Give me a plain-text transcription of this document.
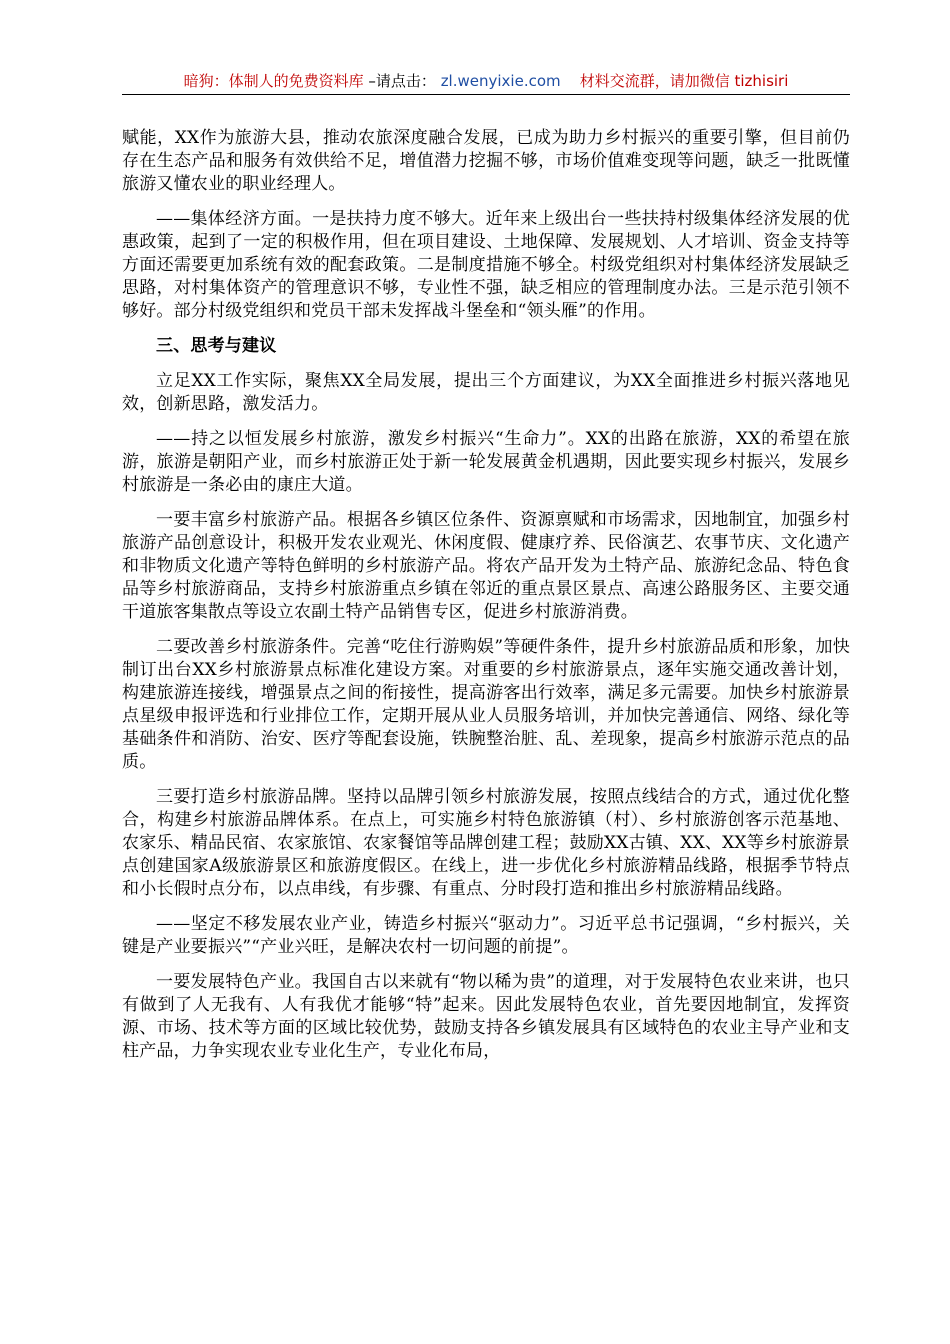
暗狗：体制人的免费资料库 –请点击： zl.wenyixie.com 材料交流群，请加微信 tizhisiri

赋能，XX作为旅游大县，推动农旅深度融合发展，已成为助力乡村振兴的重要引擎，但目前仍存在生态产品和服务有效供给不足，增值潜力挖掘不够，市场价值难变现等问题，缺乏一批既懂旅游又懂农业的职业经理人。

——集体经济方面。一是扶持力度不够大。近年来上级出台一些扶持村级集体经济发展的优惠政策，起到了一定的积极作用，但在项目建设、土地保障、发展规划、人才培训、资金支持等方面还需要更加系统有效的配套政策。二是制度措施不够全。村级党组织对村集体经济发展缺乏思路，对村集体资产的管理意识不够，专业性不强，缺乏相应的管理制度办法。三是示范引领不够好。部分村级党组织和党员干部未发挥战斗堡垒和“领头雁”的作用。

三、思考与建议

立足XX工作实际，聚焦XX全局发展，提出三个方面建议，为XX全面推进乡村振兴落地见效，创新思路，激发活力。

——持之以恒发展乡村旅游，激发乡村振兴“生命力”。XX的出路在旅游，XX的希望在旅游，旅游是朝阳产业，而乡村旅游正处于新一轮发展黄金机遇期，因此要实现乡村振兴，发展乡村旅游是一条必由的康庄大道。

一要丰富乡村旅游产品。根据各乡镇区位条件、资源禀赋和市场需求，因地制宜，加强乡村旅游产品创意设计，积极开发农业观光、休闲度假、健康疗养、民俗演艺、农事节庆、文化遗产和非物质文化遗产等特色鲜明的乡村旅游产品。将农产品开发为土特产品、旅游纪念品、特色食品等乡村旅游商品，支持乡村旅游重点乡镇在邻近的重点景区景点、高速公路服务区、主要交通干道旅客集散点等设立农副土特产品销售专区，促进乡村旅游消费。

二要改善乡村旅游条件。完善“吃住行游购娱”等硬件条件，提升乡村旅游品质和形象，加快制订出台XX乡村旅游景点标准化建设方案。对重要的乡村旅游景点，逐年实施交通改善计划，构建旅游连接线，增强景点之间的衔接性，提高游客出行效率，满足多元需要。加快乡村旅游景点星级申报评选和行业排位工作，定期开展从业人员服务培训，并加快完善通信、网络、绿化等基础条件和消防、治安、医疗等配套设施，铁腕整治脏、乱、差现象，提高乡村旅游示范点的品质。

三要打造乡村旅游品牌。坚持以品牌引领乡村旅游发展，按照点线结合的方式，通过优化整合，构建乡村旅游品牌体系。在点上，可实施乡村特色旅游镇（村）、乡村旅游创客示范基地、农家乐、精品民宿、农家旅馆、农家餐馆等品牌创建工程；鼓励XX古镇、XX、XX等乡村旅游景点创建国家A级旅游景区和旅游度假区。在线上，进一步优化乡村旅游精品线路，根据季节特点和小长假时点分布，以点串线，有步骤、有重点、分时段打造和推出乡村旅游精品线路。

——坚定不移发展农业产业，铸造乡村振兴“驱动力”。习近平总书记强调，“乡村振兴，关键是产业要振兴”“产业兴旺，是解决农村一切问题的前提”。

一要发展特色产业。我国自古以来就有“物以稀为贵”的道理，对于发展特色农业来讲，也只有做到了人无我有、人有我优才能够“特”起来。因此发展特色农业，首先要因地制宜，发挥资源、市场、技术等方面的区域比较优势，鼓励支持各乡镇发展具有区域特色的农业主导产业和支柱产品，力争实现农业专业化生产，专业化布局，
